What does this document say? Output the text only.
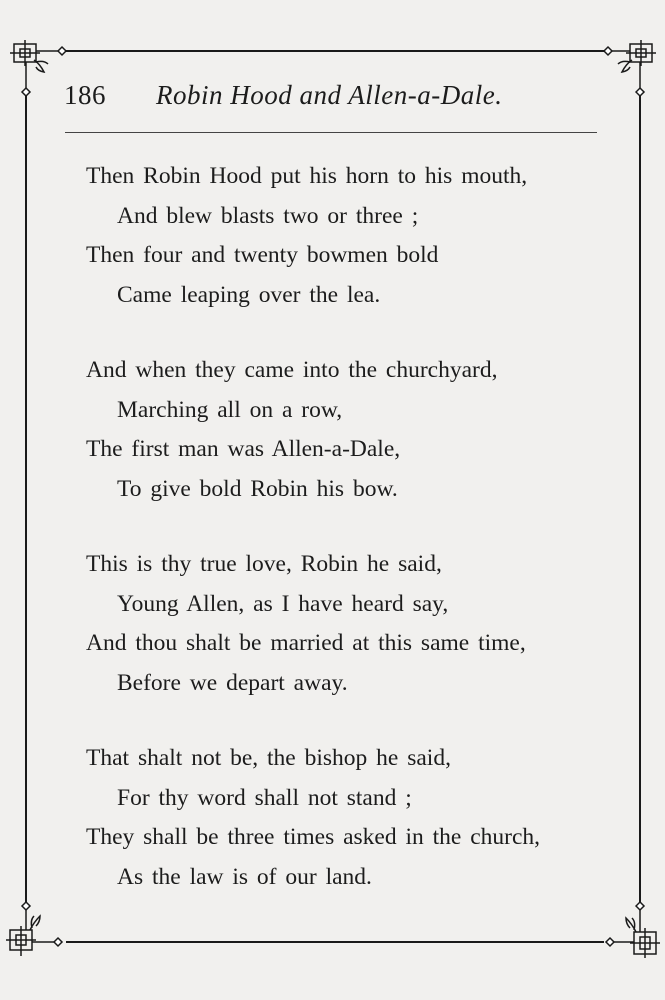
186 Robin Hood and Allen-a-Dale.
Then Robin Hood put his horn to his mouth,
And blew blasts two or three ;
Then four and twenty bowmen bold
Came leaping over the lea.
And when they came into the churchyard,
Marching all on a row,
The first man was Allen-a-Dale,
To give bold Robin his bow.
This is thy true love, Robin he said,
Young Allen, as I have heard say,
And thou shalt be married at this same time,
Before we depart away.
That shalt not be, the bishop he said,
For thy word shall not stand ;
They shall be three times asked in the church,
As the law is of our land.
